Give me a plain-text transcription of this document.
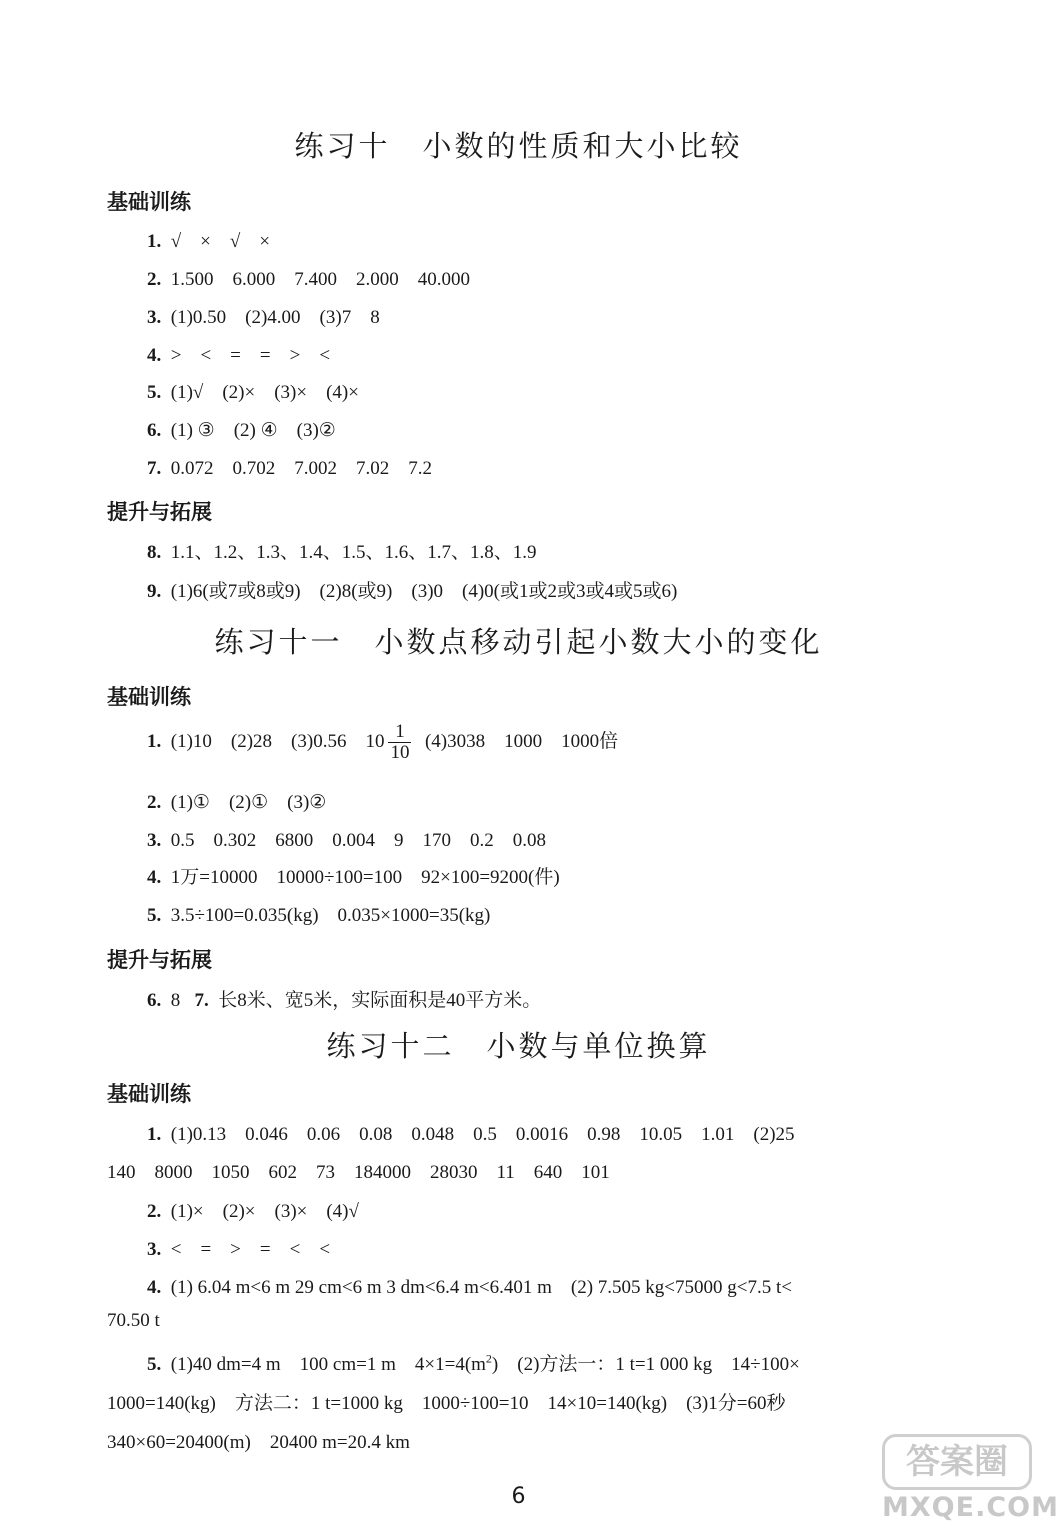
练习十　小数的性质和大小比较
基础训练
1. √　×　√　×
2. 1.500　6.000　7.400　2.000　40.000
3. (1)0.50　(2)4.00　(3)7　8
4. >　<　=　=　>　<
5. (1)√　(2)×　(3)×　(4)×
6. (1) ③　(2) ④　(3)②
7. 0.072　0.702　7.002　7.02　7.2
提升与拓展
8. 1.1、1.2、1.3、1.4、1.5、1.6、1.7、1.8、1.9
9. (1)6(或7或8或9)　(2)8(或9)　(3)0　(4)0(或1或2或3或4或5或6)
练习十一　小数点移动引起小数大小的变化
基础训练
1. (1)10　(2)28　(3)0.56　$10 \frac{1}{10} (4)3038$　1000　1000倍
2. (1)①　(2)①　(3)②
3. 0.5　0.302　6800　0.004　9　170　0.2　0.08
4. 1万=10000　10000÷100=100　92×100=9200(件)
5. 3.5÷100=0.035(kg)　0.035×1000=35(kg)
提升与拓展
6. 8 7. 长8米、宽5米，实际面积是40平方米。
练习十二　小数与单位换算
基础训练
1. (1)0.13　0.046　0.06　0.08　0.048　0.5　0.0016　0.98　10.05　1.01　(2)25
140　8000　1050　602　73　184000　28030　11　640　101
2. (1)×　(2)×　(3)×　(4)√
3. <　=　>　=　<　<
4. (1) 6.04 m<6 m 29 cm<6 m 3 dm<6.4 m<6.401 m　(2) 7.505 kg<75000 g<7.5 t<
70.50 t
5. (1)40 dm=4 m　100 cm=1 m　$4\times 1=4(m^2)$　(2)方法一：1 t=1 000 kg　14÷100×
1000=140(kg)　方法二：1 t=1000 kg　1000÷100=10　14×10=140(kg)　(3)1分=60秒
340×60=20400(m)　20400 m=20.4 km
6
答案圈
MXQE.COM
